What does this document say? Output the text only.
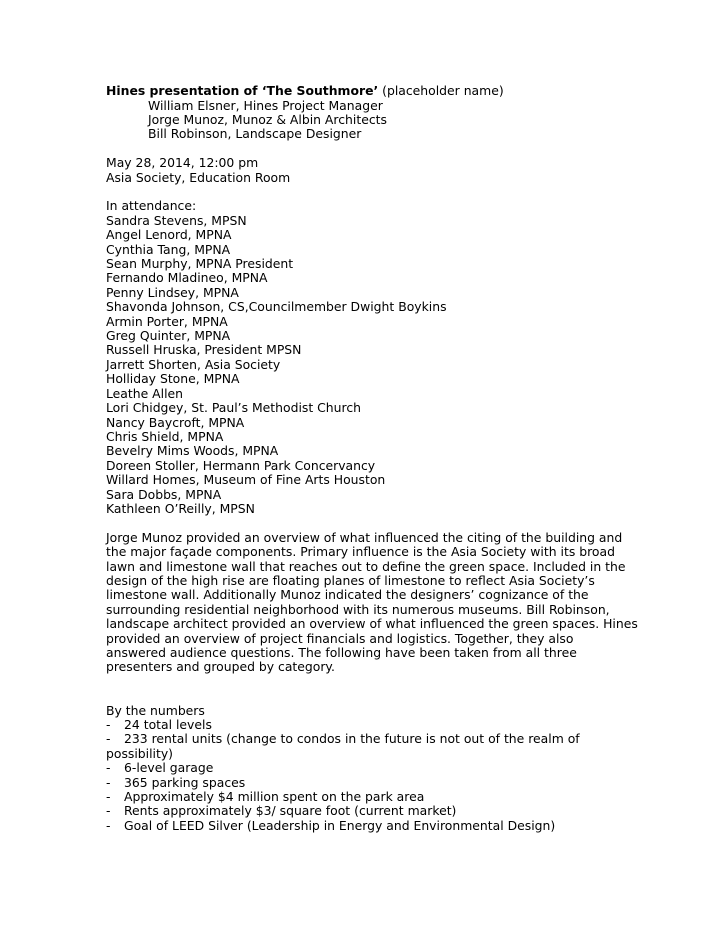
Hines presentation of ‘The Southmore’ (placeholder name)
William Elsner, Hines Project Manager
Jorge Munoz, Munoz & Albin Architects
Bill Robinson, Landscape Designer
May 28, 2014, 12:00 pm
Asia Society, Education Room
In attendance:
Sandra Stevens, MPSN
Angel Lenord, MPNA
Cynthia Tang, MPNA
Sean Murphy, MPNA President
Fernando Mladineo, MPNA
Penny Lindsey, MPNA
Shavonda Johnson, CS,Councilmember Dwight Boykins
Armin Porter, MPNA
Greg Quinter, MPNA
Russell Hruska, President MPSN
Jarrett Shorten, Asia Society
Holliday Stone, MPNA
Leathe Allen
Lori Chidgey, St. Paul’s Methodist Church
Nancy Baycroft, MPNA
Chris Shield, MPNA
Bevelry Mims Woods, MPNA
Doreen Stoller, Hermann Park Concervancy
Willard Homes, Museum of Fine Arts Houston
Sara Dobbs, MPNA
Kathleen O’Reilly, MPSN
Jorge Munoz provided an overview of what influenced the citing of the building and
the major façade components. Primary influence is the Asia Society with its broad
lawn and limestone wall that reaches out to define the green space. Included in the
design of the high rise are floating planes of limestone to reflect Asia Society’s
limestone wall. Additionally Munoz indicated the designers’ cognizance of the
surrounding residential neighborhood with its numerous museums. Bill Robinson,
landscape architect provided an overview of what influenced the green spaces. Hines
provided an overview of project financials and logistics. Together, they also
answered audience questions. The following have been taken from all three
presenters and grouped by category.
By the numbers
-	24 total levels
-	233 rental units (change to condos in the future is not out of the realm of
possibility)
-	6-level garage
-	365 parking spaces
-	Approximately $4 million spent on the park area
-	Rents approximately $3/ square foot (current market)
-	Goal of LEED Silver (Leadership in Energy and Environmental Design)
